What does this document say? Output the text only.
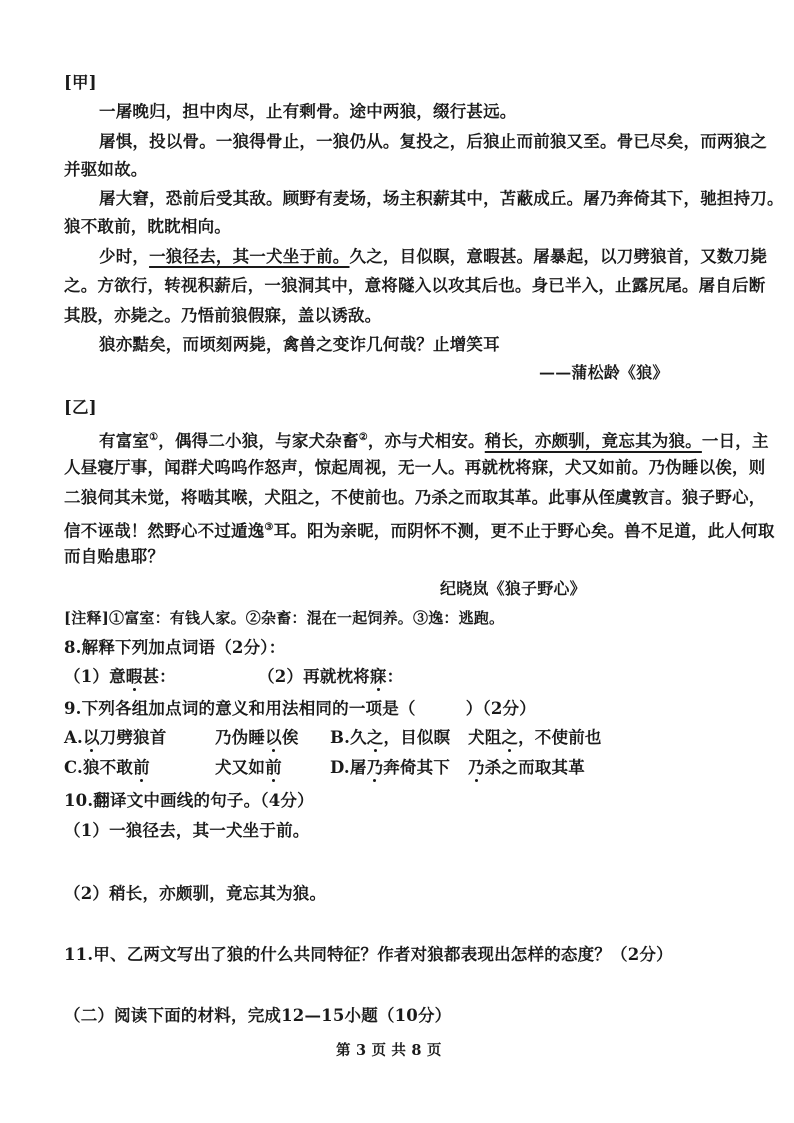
[甲]
一屠晚归，担中肉尽，止有剩骨。途中两狼，缀行甚远。
屠惧，投以骨。一狼得骨止，一狼仍从。复投之，后狼止而前狼又至。骨已尽矣，而两狼之
并驱如故。
屠大窘，恐前后受其敌。顾野有麦场，场主积薪其中，苫蔽成丘。屠乃奔倚其下，驰担持刀。
狼不敢前，眈眈相向。
少时，一狼径去，其一犬坐于前。久之，目似瞑，意暇甚。屠暴起，以刀劈狼首，又数刀毙
之。方欲行，转视积薪后，一狼洞其中，意将隧入以攻其后也。身已半入，止露尻尾。屠自后断
其股，亦毙之。乃悟前狼假寐，盖以诱敌。
狼亦黠矣，而顷刻两毙，禽兽之变诈几何哉？止增笑耳
——蒲松龄《狼》
[乙]
有富室①，偶得二小狼，与家犬杂畜②，亦与犬相安。稍长，亦颇驯，竟忘其为狼。一日，主
人昼寝厅事，闻群犬呜呜作怒声，惊起周视，无一人。再就枕将寐，犬又如前。乃伪睡以俟，则
二狼伺其未觉，将啮其喉，犬阻之，不使前也。乃杀之而取其革。此事从侄虞敦言。狼子野心，
信不诬哉！然野心不过遁逸③耳。阳为亲昵，而阴怀不测，更不止于野心矣。兽不足道，此人何取
而自贻患耶？
纪晓岚《狼子野心》
[注释]①富室：有钱人家。②杂畜：混在一起饲养。③逸：逃跑。
8.解释下列加点词语（2分）：
（1）意暇甚：	（2）再就枕将寐：
9.下列各组加点词的意义和用法相同的一项是（　　　）（2分）
A.以刀劈狼首	乃伪睡以俟 B.久之，目似瞑 犬阻之，不使前也
C.狼不敢前	犬又如前	D.屠乃奔倚其下 乃杀之而取其革
10.翻译文中画线的句子。（4分）
（1）一狼径去，其一犬坐于前。
（2）稍长，亦颇驯，竟忘其为狼。
11.甲、乙两文写出了狼的什么共同特征？作者对狼都表现出怎样的态度？（2分）
（二）阅读下面的材料，完成12—15小题（10分）
第 3 页 共 8 页
